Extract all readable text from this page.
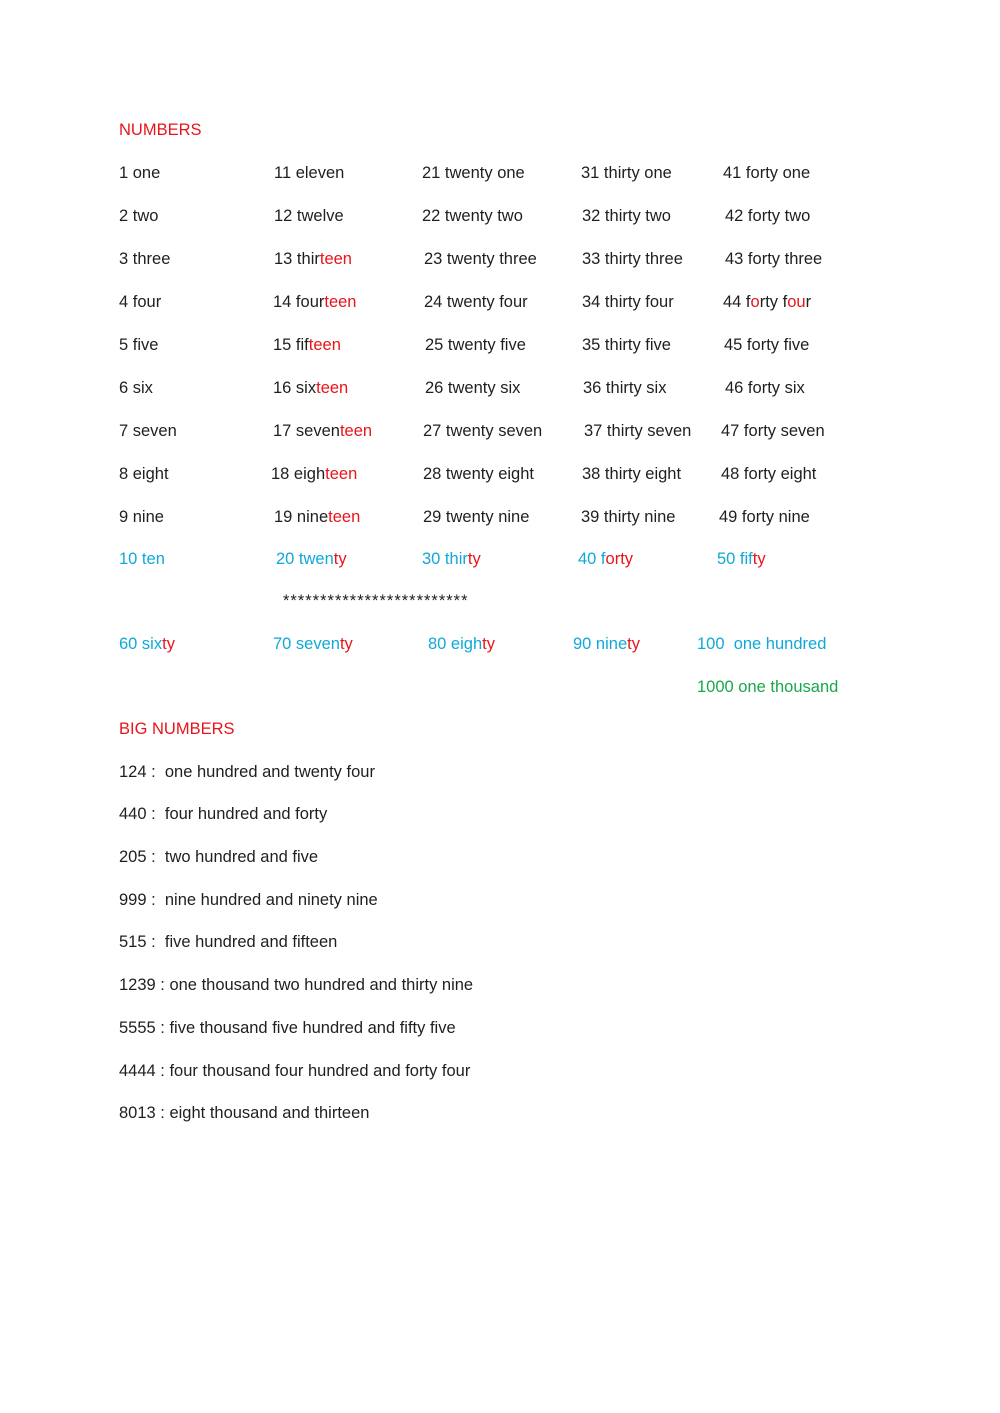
NUMBERS
1 one	11 eleven	21 twenty one	31 thirty one	41 forty one
2 two	12 twelve	22 twenty two	32 thirty two	42 forty two
3 three	13 thirteen	23 twenty three	33 thirty three	43 forty three
4 four	14 fourteen	24 twenty four	34 thirty four	44 forty four
5 five	15 fifteen	25 twenty five	35 thirty five	45 forty five
6 six	16 sixteen	26 twenty six	36 thirty six	46 forty six
7 seven	17 seventeen	27 twenty seven	37 thirty seven 47 forty seven
8 eight	18 eighteen	28 twenty eight	38 thirty eight 48 forty eight
9 nine	19 nineteen	29 twenty nine	39 thirty nine	49 forty nine
10 ten	20 twenty	30 thirty	40 forty	50 fifty
*************************
60 sixty	70 seventy	80 eighty	90 ninety	100  one hundred
1000 one thousand
BIG NUMBERS
124 :  one hundred and twenty four
440 :  four hundred and forty
205 :  two hundred and five
999 :  nine hundred and ninety nine
515 :  five hundred and fifteen
1239 : one thousand two hundred and thirty nine
5555 : five thousand five hundred and fifty five
4444 : four thousand four hundred and forty four
8013 : eight thousand and thirteen
